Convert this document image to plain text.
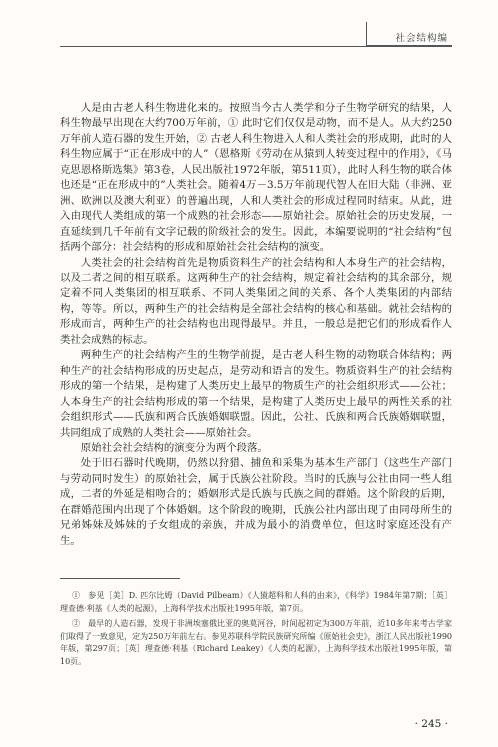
社会结构编

人是由古老人科生物进化来的。按照当今古人类学和分子生物学研究的结果，人科生物最早出现在大约700万年前，① 此时它们仅仅是动物，而不是人。从大约250万年前人造石器的发生开始，② 古老人科生物进入人和人类社会的形成期，此时的人科生物应属于“正在形成中的人”（恩格斯《劳动在从猿到人转变过程中的作用》，《马克思恩格斯选集》第3卷，人民出版社1972年版，第511页），此时人科生物的联合体也还是“正在形成中的”人类社会。随着4万－3.5万年前现代智人在旧大陆（非洲、亚洲、欧洲以及澳大利亚）的普遍出现，人和人类社会的形成过程同时结束。从此，进入由现代人类组成的第一个成熟的社会形态——原始社会。原始社会的历史发展，一直延续到几千年前有文字记载的阶级社会的发生。因此，本编要说明的“社会结构”包括两个部分：社会结构的形成和原始社会社会结构的演变。

人类社会的社会结构首先是物质资料生产的社会结构和人本身生产的社会结构，以及二者之间的相互联系。这两种生产的社会结构，规定着社会结构的其余部分，规定着不同人类集团的相互联系、不同人类集团之间的关系、各个人类集团的内部结构，等等。所以，两种生产的社会结构是全部社会结构的核心和基础。就社会结构的形成而言，两种生产的社会结构也出现得最早。并且，一般总是把它们的形成看作人类社会成熟的标志。

两种生产的社会结构产生的生物学前提，是古老人科生物的动物联合体结构；两种生产的社会结构形成的历史起点，是劳动和语言的发生。物质资料生产的社会结构形成的第一个结果，是构建了人类历史上最早的物质生产的社会组织形式——公社；人本身生产的社会结构形成的第一个结果，是构建了人类历史上最早的两性关系的社会组织形式——氏族和两合氏族婚姻联盟。因此，公社、氏族和两合氏族婚姻联盟，共同组成了成熟的人类社会——原始社会。

原始社会社会结构的演变分为两个段落。

处于旧石器时代晚期，仍然以狩猎、捕鱼和采集为基本生产部门（这些生产部门与劳动同时发生）的原始社会，属于氏族公社阶段。当时的氏族与公社由同一些人组成，二者的外延是相吻合的；婚姻形式是氏族与氏族之间的群婚。这个阶段的后期，在群婚范围内出现了个体婚姻。这个阶段的晚期，氏族公社内部出现了由同母所生的兄弟姊妹及姊妹的子女组成的亲族，并成为最小的消费单位，但这时家庭还没有产生。

①　参见［美］D. 匹尔比姆（David Pilbeam）《人猿超科和人科的由来》，《科学》1984年第7期；［英］理查德·利基《人类的起源》，上海科学技术出版社1995年版，第7页。

②　最早的人造石器，发现于非洲埃塞俄比亚的奥莫河谷，时间起初定为300万年前，近10多年来考古学家们取得了一致意见，定为250万年前左右。参见苏联科学院民族研究所编《原始社会史》，浙江人民出版社1990年版，第297页；［英］理查德·利基（Richard Leakey）《人类的起源》，上海科学技术出版社1995年版，第10页。

· 245 ·
